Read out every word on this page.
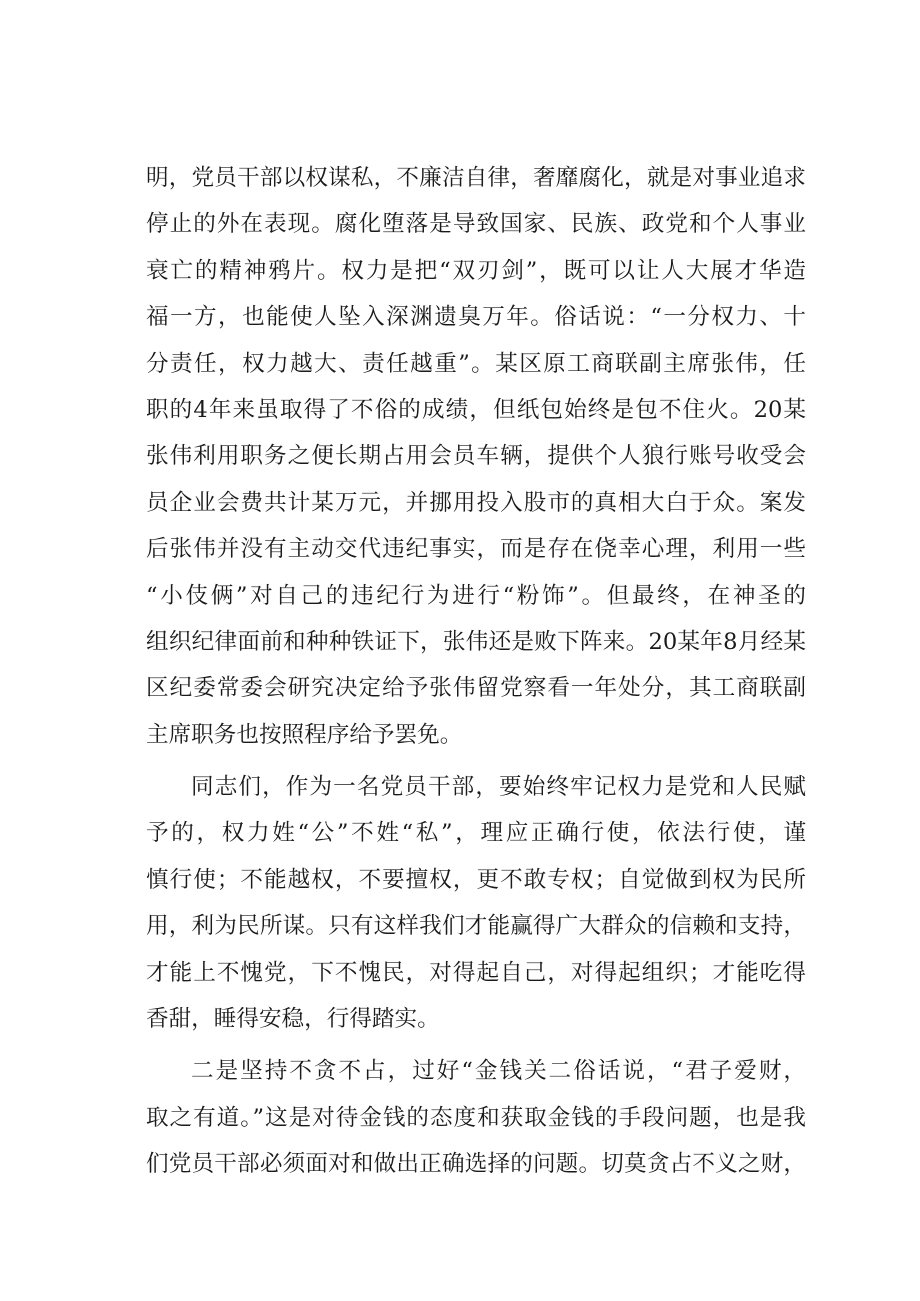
明，党员干部以权谋私，不廉洁自律，奢靡腐化，就是对事业追求
停止的外在表现。腐化堕落是导致国家、民族、政党和个人事业
衰亡的精神鸦片。权力是把“双刃剑”，既可以让人大展才华造
福一方，也能使人坠入深渊遗臭万年。俗话说：“一分权力、十
分责任，权力越大、责任越重”。某区原工商联副主席张伟，任
职的4年来虽取得了不俗的成绩，但纸包始终是包不住火。20某
张伟利用职务之便长期占用会员车辆，提供个人狼行账号收受会
员企业会费共计某万元，并挪用投入股市的真相大白于众。案发
后张伟并没有主动交代违纪事实，而是存在侥幸心理，利用一些
“小伎俩”对自己的违纪行为进行“粉饰”。但最终，在神圣的
组织纪律面前和种种铁证下，张伟还是败下阵来。20某年8月经某
区纪委常委会研究决定给予张伟留党察看一年处分，其工商联副
主席职务也按照程序给予罢免。
同志们，作为一名党员干部，要始终牢记权力是党和人民赋
予的，权力姓“公”不姓“私”，理应正确行使，依法行使，谨
慎行使；不能越权，不要擅权，更不敢专权；自觉做到权为民所
用，利为民所谋。只有这样我们才能赢得广大群众的信赖和支持，
才能上不愧党，下不愧民，对得起自己，对得起组织；才能吃得
香甜，睡得安稳，行得踏实。
二是坚持不贪不占，过好“金钱关二俗话说，“君子爱财，
取之有道。”这是对待金钱的态度和获取金钱的手段问题，也是我
们党员干部必须面对和做出正确选择的问题。切莫贪占不义之财，
